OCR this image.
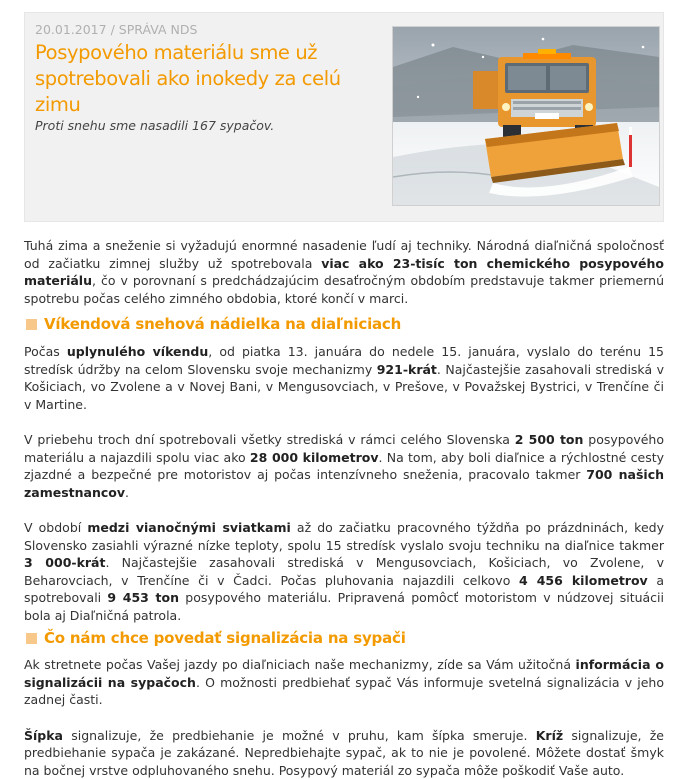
20.01.2017 / SPRÁVA NDS
Posypového materiálu sme už spotrebovali ako inokedy za celú zimu
Proti snehu sme nasadili 167 sypačov.

Tuhá zima a sneženie si vyžadujú enormné nasadenie ľudí aj techniky. Národná diaľničná spoločnosť od začiatku zimnej služby už spotrebovala viac ako 23-tisíc ton chemického posypového materiálu, čo v porovnaní s predchádzajúcim desaťročným obdobím predstavuje takmer priemernú spotrebu počas celého zimného obdobia, ktoré končí v marci.

Víkendová snehová nádielka na diaľniciach

Počas uplynulého víkendu, od piatka 13. januára do nedele 15. januára, vyslalo do terénu 15 stredísk údržby na celom Slovensku svoje mechanizmy 921-krát. Najčastejšie zasahovali strediská v Košiciach, vo Zvolene a v Novej Bani, v Mengusovciach, v Prešove, v Považskej Bystrici, v Trenčíne či v Martine.

V priebehu troch dní spotrebovali všetky strediská v rámci celého Slovenska 2 500 ton posypového materiálu a najazdili spolu viac ako 28 000 kilometrov. Na tom, aby boli diaľnice a rýchlostné cesty zjazdné a bezpečné pre motoristov aj počas intenzívneho sneženia, pracovalo takmer 700 našich zamestnancov.

V období medzi vianočnými sviatkami až do začiatku pracovného týždňa po prázdninách, kedy Slovensko zasiahli výrazné nízke teploty, spolu 15 stredísk vyslalo svoju techniku na diaľnice takmer 3 000-krát. Najčastejšie zasahovali strediská v Mengusovciach, Košiciach, vo Zvolene, v Beharovciach, v Trenčíne či v Čadci. Počas pluhovania najazdili celkovo 4 456 kilometrov a spotrebovali 9 453 ton posypového materiálu. Pripravená pomôcť motoristom v núdzovej situácii bola aj Diaľničná patrola.

Čo nám chce povedať signalizácia na sypači

Ak stretnete počas Vašej jazdy po diaľniciach naše mechanizmy, zíde sa Vám užitočná informácia o signalizácii na sypačoch. O možnosti predbiehať sypač Vás informuje svetelná signalizácia v jeho zadnej časti.

Šípka signalizuje, že predbiehanie je možné v pruhu, kam šípka smeruje. Kríž signalizuje, že predbiehanie sypača je zakázané. Nepredbiehajte sypač, ak to nie je povolené. Môžete dostať šmyk na bočnej vrstve odpluhovaného snehu. Posypový materiál zo sypača môže poškodiť Vaše auto.
